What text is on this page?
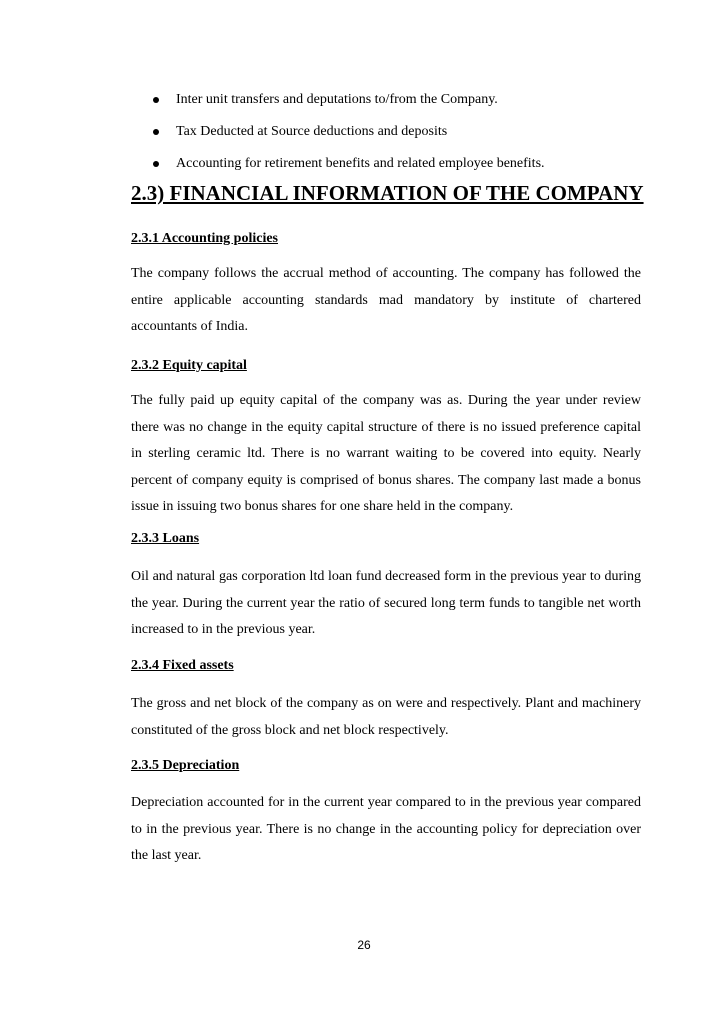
Inter unit transfers and deputations to/from the Company.
Tax Deducted at Source deductions and deposits
Accounting for retirement benefits and related employee benefits.
2.3) FINANCIAL INFORMATION OF THE COMPANY
2.3.1 Accounting policies

The company follows the accrual method of accounting. The company has followed the entire applicable accounting standards mad mandatory by institute of chartered accountants of India.

2.3.2 Equity capital

The fully paid up equity capital of the company was as. During the year under review there was no change in the equity capital structure of there is no issued preference capital in sterling ceramic ltd. There is no warrant waiting to be covered into equity. Nearly percent of company equity is comprised of bonus shares. The company last made a bonus issue in issuing two bonus shares for one share held in the company.

2.3.3 Loans

Oil and natural gas corporation ltd loan fund decreased form in the previous year to during the year. During the current year the ratio of secured long term funds to tangible net worth increased to in the previous year.

2.3.4 Fixed assets

The gross and net block of the company as on were and respectively. Plant and machinery constituted of the gross block and net block respectively.

2.3.5 Depreciation

Depreciation accounted for in the current year compared to in the previous year compared to in the previous year. There is no change in the accounting policy for depreciation over the last year.

26
